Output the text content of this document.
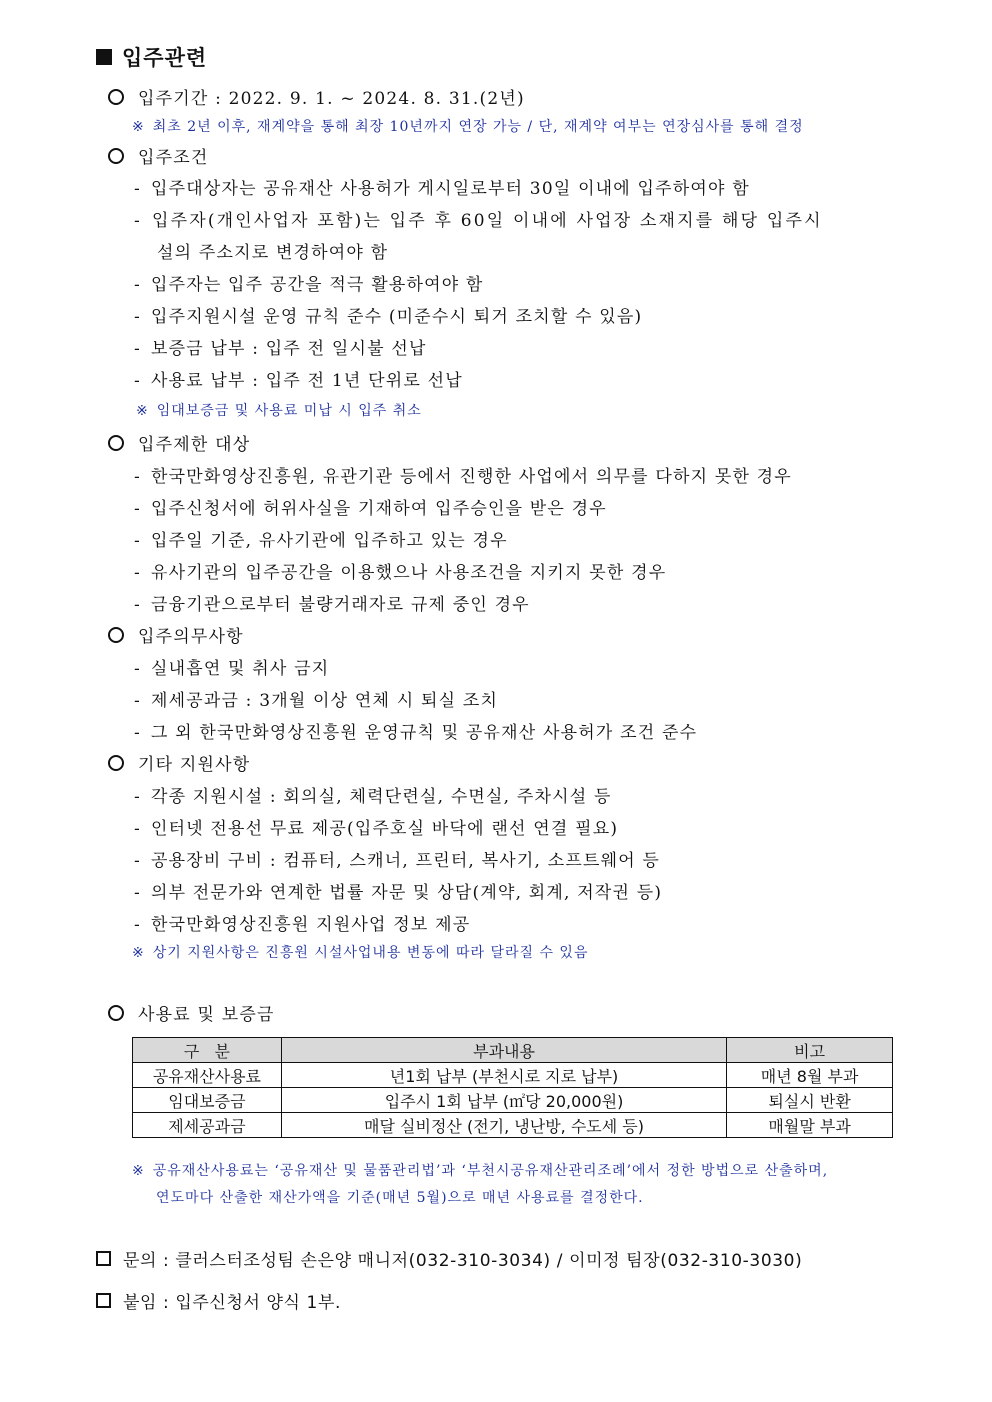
입주관련
입주기간 : 2022. 9. 1. ~ 2024. 8. 31.(2년)
※ 최초 2년 이후, 재계약을 통해 최장 10년까지 연장 가능 / 단, 재계약 여부는 연장심사를 통해 결정
입주조건
- 입주대상자는 공유재산 사용허가 게시일로부터 30일 이내에 입주하여야 함
- 입주자(개인사업자 포함)는 입주 후 60일 이내에 사업장 소재지를 해당 입주시
설의 주소지로 변경하여야 함
- 입주자는 입주 공간을 적극 활용하여야 함
- 입주지원시설 운영 규칙 준수 (미준수시 퇴거 조치할 수 있음)
- 보증금 납부 : 입주 전 일시불 선납
- 사용료 납부 : 입주 전 1년 단위로 선납
※ 임대보증금 및 사용료 미납 시 입주 취소
입주제한 대상
- 한국만화영상진흥원, 유관기관 등에서 진행한 사업에서 의무를 다하지 못한 경우
- 입주신청서에 허위사실을 기재하여 입주승인을 받은 경우
- 입주일 기준, 유사기관에 입주하고 있는 경우
- 유사기관의 입주공간을 이용했으나 사용조건을 지키지 못한 경우
- 금융기관으로부터 불량거래자로 규제 중인 경우
입주의무사항
- 실내흡연 및 취사 금지
- 제세공과금 : 3개월 이상 연체 시 퇴실 조치
- 그 외 한국만화영상진흥원 운영규칙 및 공유재산 사용허가 조건 준수
기타 지원사항
- 각종 지원시설 : 회의실, 체력단련실, 수면실, 주차시설 등
- 인터넷 전용선 무료 제공(입주호실 바닥에 랜선 연결 필요)
- 공용장비 구비 : 컴퓨터, 스캐너, 프린터, 복사기, 소프트웨어 등
- 의부 전문가와 연계한 법률 자문 및 상담(계약, 회계, 저작권 등)
- 한국만화영상진흥원 지원사업 정보 제공
※ 상기 지원사항은 진흥원 시설사업내용 변동에 따라 달라질 수 있음
사용료 및 보증금
구   분	부과내용	비고
공유재산사용료	년1회 납부 (부천시로 지로 납부)	매년 8월 부과
임대보증금	입주시 1회 납부 (㎡당 20,000원)	퇴실시 반환
제세공과금	매달 실비정산 (전기, 냉난방, 수도세 등)	매월말 부과
※ 공유재산사용료는 ‘공유재산 및 물품관리법’과 ‘부천시공유재산관리조례’에서 정한 방법으로 산출하며,
연도마다 산출한 재산가액을 기준(매년 5월)으로 매년 사용료를 결정한다.
문의 : 클러스터조성팀 손은양 매니저(032-310-3034) / 이미정 팀장(032-310-3030)
붙임 : 입주신청서 양식 1부.
